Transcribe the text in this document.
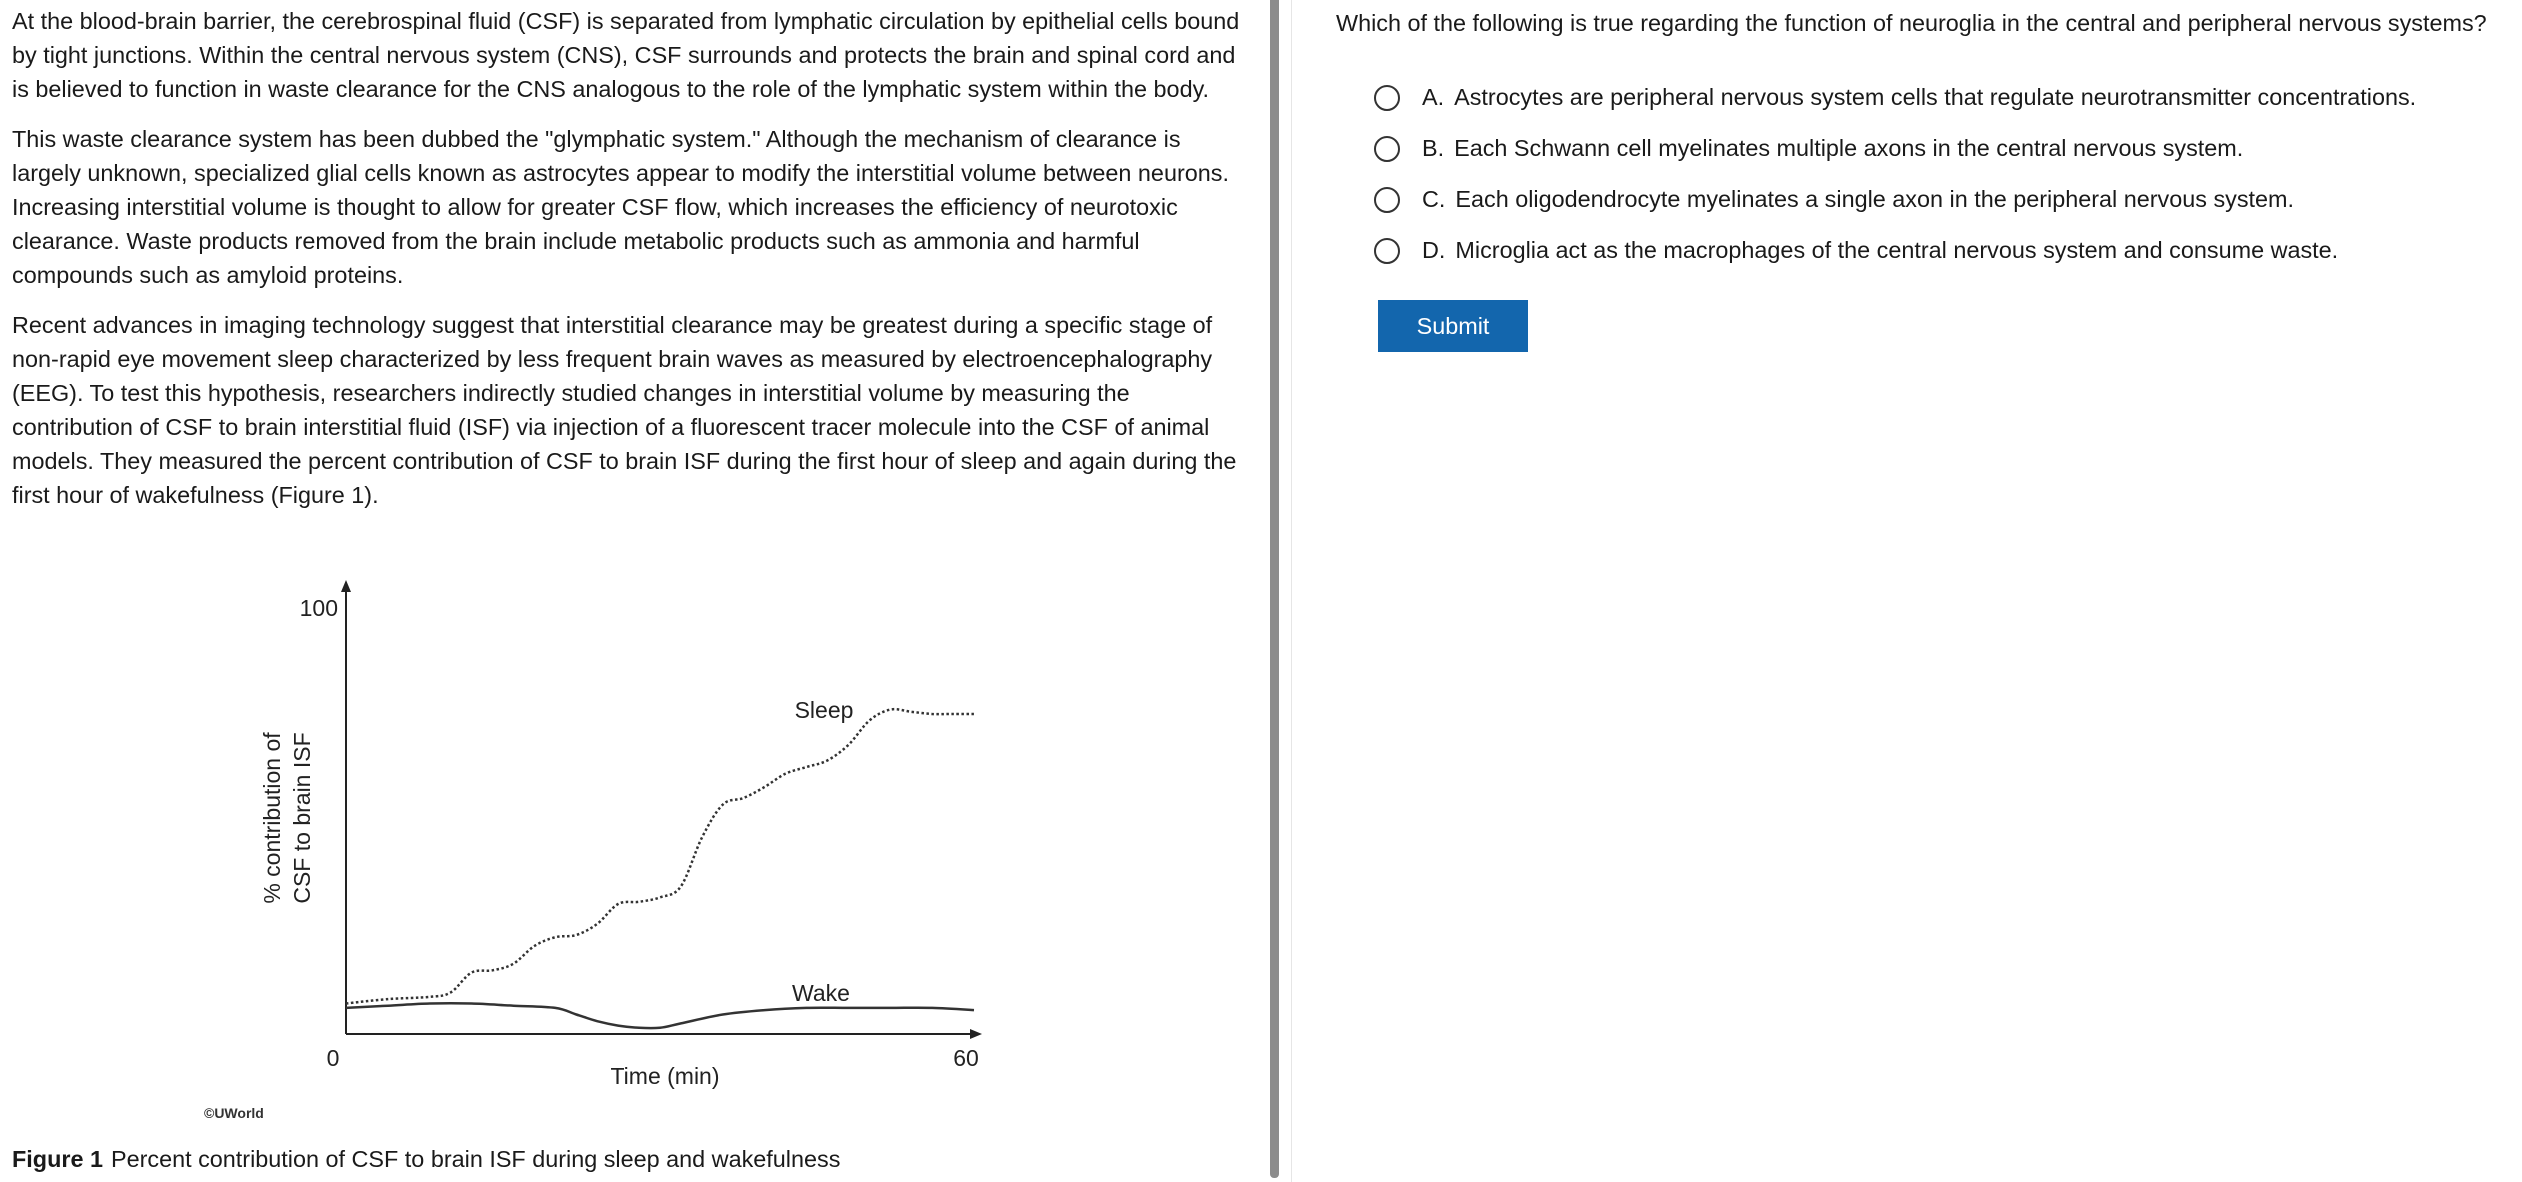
At the blood-brain barrier, the cerebrospinal fluid (CSF) is separated from lymphatic circulation by epithelial cells bound by tight junctions. Within the central nervous system (CNS), CSF surrounds and protects the brain and spinal cord and is believed to function in waste clearance for the CNS analogous to the role of the lymphatic system within the body.

This waste clearance system has been dubbed the "glymphatic system." Although the mechanism of clearance is largely unknown, specialized glial cells known as astrocytes appear to modify the interstitial volume between neurons. Increasing interstitial volume is thought to allow for greater CSF flow, which increases the efficiency of neurotoxic clearance. Waste products removed from the brain include metabolic products such as ammonia and harmful compounds such as amyloid proteins.

Recent advances in imaging technology suggest that interstitial clearance may be greatest during a specific stage of non-rapid eye movement sleep characterized by less frequent brain waves as measured by electroencephalography (EEG). To test this hypothesis, researchers indirectly studied changes in interstitial volume by measuring the contribution of CSF to brain interstitial fluid (ISF) via injection of a fluorescent tracer molecule into the CSF of animal models. They measured the percent contribution of CSF to brain ISF during the first hour of sleep and again during the first hour of wakefulness (Figure 1).

100
0	60
Time (min)
% contribution of CSF to brain ISF
Sleep
Wake
©UWorld
Figure 1 Percent contribution of CSF to brain ISF during sleep and wakefulness
Which of the following is true regarding the function of neuroglia in the central and peripheral nervous systems?
A. Astrocytes are peripheral nervous system cells that regulate neurotransmitter concentrations.
B. Each Schwann cell myelinates multiple axons in the central nervous system.
C. Each oligodendrocyte myelinates a single axon in the peripheral nervous system.
D. Microglia act as the macrophages of the central nervous system and consume waste.
Submit
